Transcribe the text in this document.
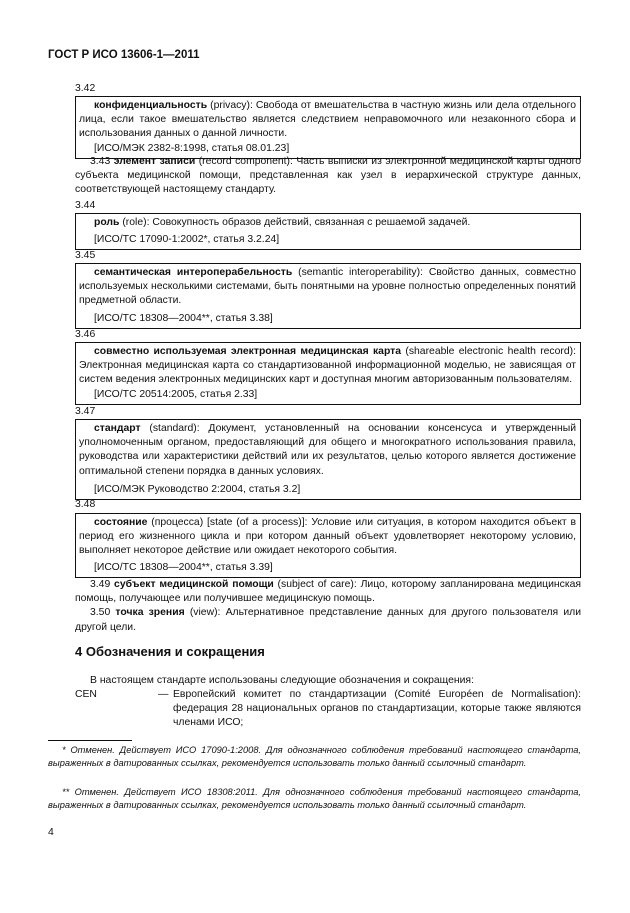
ГОСТ Р ИСО 13606-1—2011
3.42

конфиденциальность (privacy): Свобода от вмешательства в частную жизнь или дела отдельного лица, если такое вмешательство является следствием неправомочного или незаконного сбора и использования данных о данной личности.

[ИСО/МЭК 2382-8:1998, статья 08.01.23]

3.43 элемент записи (record component): Часть выписки из электронной медицинской карты одного субъекта медицинской помощи, представленная как узел в иерархической структуре данных, соответствующей настоящему стандарту.

3.44

роль (role): Совокупность образов действий, связанная с решаемой задачей.

[ИСО/ТС 17090-1:2002*, статья 3.2.24]

3.45

семантическая интероперабельность (semantic interoperability): Свойство данных, совместно используемых несколькими системами, быть понятными на уровне полностью определенных понятий предметной области.

[ИСО/ТС 18308—2004**, статья 3.38]

3.46

совместно используемая электронная медицинская карта (shareable electronic health record): Электронная медицинская карта со стандартизованной информационной моделью, не зависящая от систем ведения электронных медицинских карт и доступная многим авторизованным пользователям.

[ИСО/ТС 20514:2005, статья 2.33]

3.47

стандарт (standard): Документ, установленный на основании консенсуса и утвержденный уполномоченным органом, предоставляющий для общего и многократного использования правила, руководства или характеристики действий или их результатов, целью которого является достижение оптимальной степени порядка в данных условиях.

[ИСО/МЭК Руководство 2:2004, статья 3.2]

3.48

состояние (процесса) [state (of a process)]: Условие или ситуация, в котором находится объект в период его жизненного цикла и при котором данный объект удовлетворяет некоторому условию, выполняет некоторое действие или ожидает некоторого события.

[ИСО/ТС 18308—2004**, статья 3.39]

3.49 субъект медицинской помощи (subject of care): Лицо, которому запланирована медицинская помощь, получающее или получившее медицинскую помощь.

3.50 точка зрения (view): Альтернативное представление данных для другого пользователя или другой цели.

4 Обозначения и сокращения
В настоящем стандарте использованы следующие обозначения и сокращения:
CEN	— Европейский комитет по стандартизации (Comité Européen de Normalisation): федерация 28 национальных органов по стандартизации, которые также являются членами ИСО;
* Отменен. Действует ИСО 17090-1:2008. Для однозначного соблюдения требований настоящего стандарта, выраженных в датированных ссылках, рекомендуется использовать только данный ссылочный стандарт.
** Отменен. Действует ИСО 18308:2011. Для однозначного соблюдения требований настоящего стандарта, выраженных в датированных ссылках, рекомендуется использовать только данный ссылочный стандарт.
4
